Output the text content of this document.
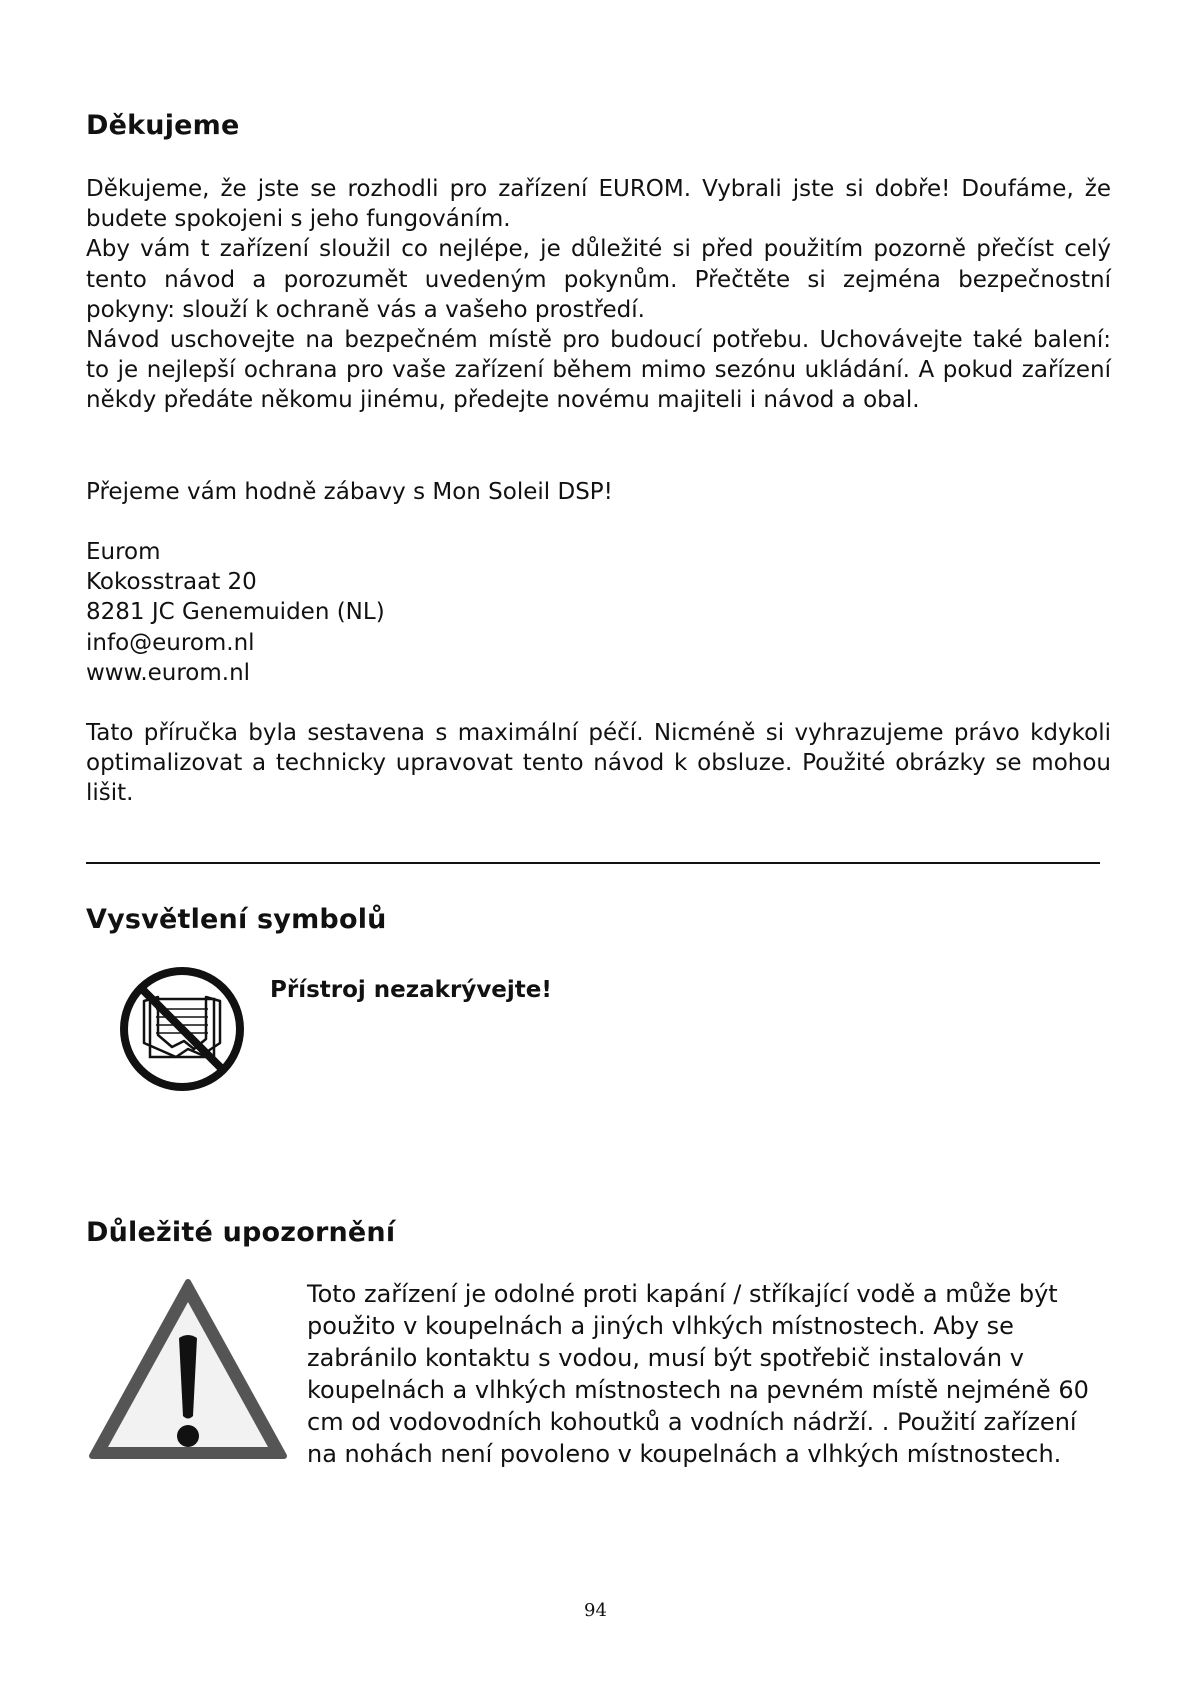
Děkujeme

Děkujeme, že jste se rozhodli pro zařízení EUROM. Vybrali jste si dobře! Doufáme, že budete spokojeni s jeho fungováním.

Aby vám t zařízení sloužil co nejlépe, je důležité si před použitím pozorně přečíst celý tento návod a porozumět uvedeným pokynům. Přečtěte si zejména bezpečnostní pokyny: slouží k ochraně vás a vašeho prostředí.

Návod uschovejte na bezpečném místě pro budoucí potřebu. Uchovávejte také balení: to je nejlepší ochrana pro vaše zařízení během mimo sezónu ukládání. A pokud zařízení někdy předáte někomu jinému, předejte novému majiteli i návod a obal.

Přejeme vám hodně zábavy s Mon Soleil DSP!

Eurom

Kokosstraat 20

8281 JC Genemuiden (NL)

info@eurom.nl

www.eurom.nl

Tato příručka byla sestavena s maximální péčí. Nicméně si vyhrazujeme právo kdykoli optimalizovat a technicky upravovat tento návod k obsluze. Použité obrázky se mohou lišit.

Vysvětlení symbolů
Přístroj nezakrývejte!
Důležité upozornění

Toto zařízení je odolné proti kapání / stříkající vodě a může být použito v koupelnách a jiných vlhkých místnostech. Aby se zabránilo kontaktu s vodou, musí být spotřebič instalován v koupelnách a vlhkých místnostech na pevném místě nejméně 60 cm od vodovodních kohoutků a vodních nádrží. . Použití zařízení na nohách není povoleno v koupelnách a vlhkých místnostech.

94
